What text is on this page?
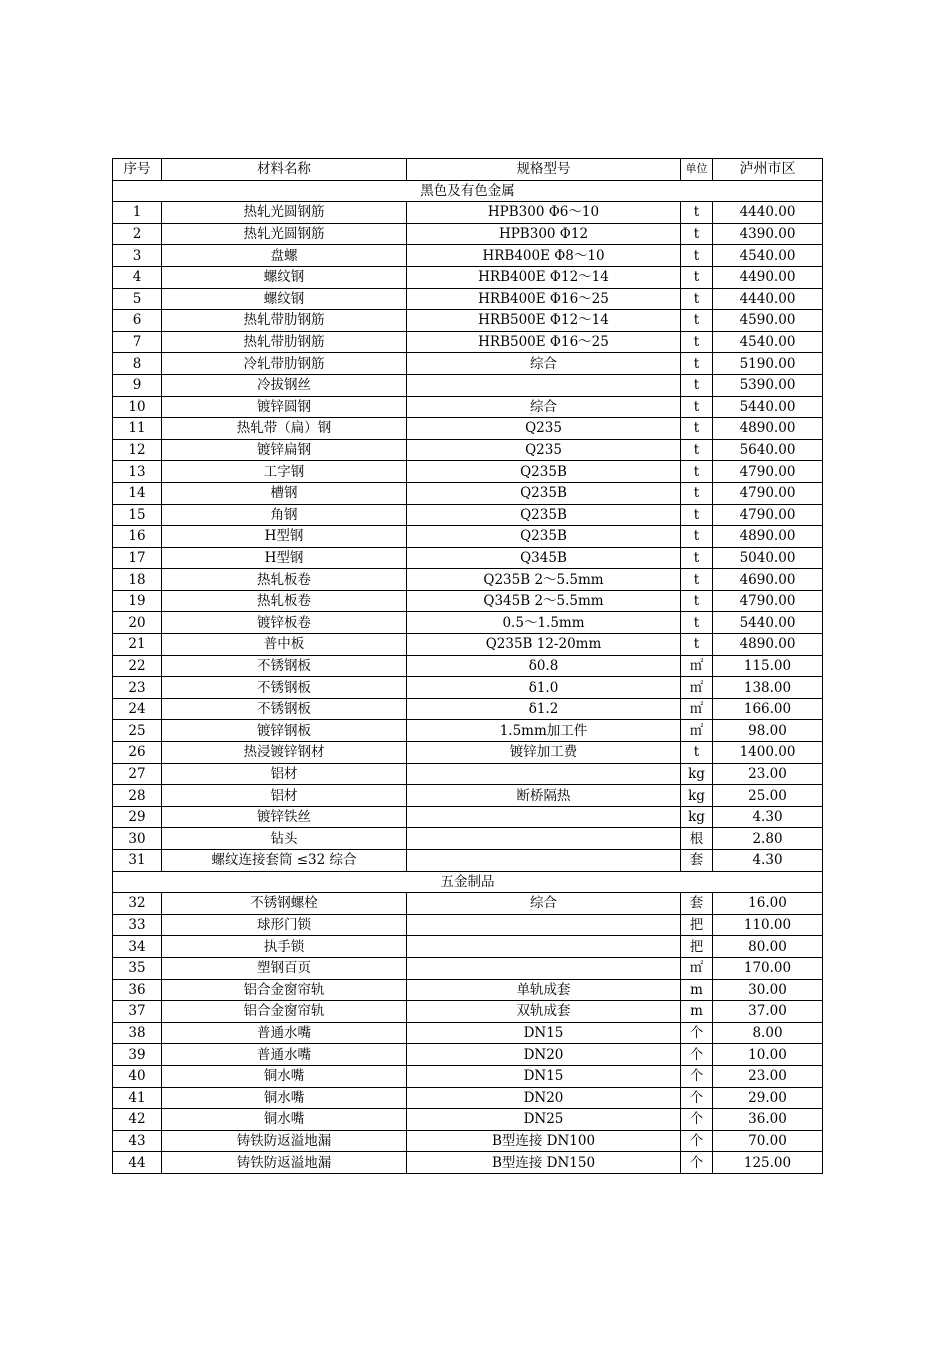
序号	材料名称	规格型号	单位	泸州市区
黑色及有色金属				
1	热轧光圆钢筋	HPB300 Φ6～10	t	4440.00
2	热轧光圆钢筋	HPB300 Φ12	t	4390.00
3	盘螺	HRB400E Φ8～10	t	4540.00
4	螺纹钢	HRB400E Φ12～14	t	4490.00
5	螺纹钢	HRB400E Φ16～25	t	4440.00
6	热轧带肋钢筋	HRB500E Φ12～14	t	4590.00
7	热轧带肋钢筋	HRB500E Φ16～25	t	4540.00
8	冷轧带肋钢筋	综合	t	5190.00
9	冷拔钢丝		t	5390.00
10	镀锌圆钢	综合	t	5440.00
11	热轧带（扁）钢	Q235	t	4890.00
12	镀锌扁钢	Q235	t	5640.00
13	工字钢	Q235B	t	4790.00
14	槽钢	Q235B	t	4790.00
15	角钢	Q235B	t	4790.00
16	H型钢	Q235B	t	4890.00
17	H型钢	Q345B	t	5040.00
18	热轧板卷	Q235B 2～5.5mm	t	4690.00
19	热轧板卷	Q345B 2～5.5mm	t	4790.00
20	镀锌板卷	0.5～1.5mm	t	5440.00
21	普中板	Q235B 12-20mm	t	4890.00
22	不锈钢板	δ0.8	㎡	115.00
23	不锈钢板	δ1.0	㎡	138.00
24	不锈钢板	δ1.2	㎡	166.00
25	镀锌钢板	1.5mm加工件	㎡	98.00
26	热浸镀锌钢材	镀锌加工费	t	1400.00
27	铝材		kg	23.00
28	铝材	断桥隔热	kg	25.00
29	镀锌铁丝		kg	4.30
30	钻头		根	2.80
31	螺纹连接套筒 ≤32 综合		套	4.30
五金制品				
32	不锈钢螺栓	综合	套	16.00
33	球形门锁		把	110.00
34	执手锁		把	80.00
35	塑钢百页		㎡	170.00
36	铝合金窗帘轨	单轨成套	m	30.00
37	铝合金窗帘轨	双轨成套	m	37.00
38	普通水嘴	DN15	个	8.00
39	普通水嘴	DN20	个	10.00
40	铜水嘴	DN15	个	23.00
41	铜水嘴	DN20	个	29.00
42	铜水嘴	DN25	个	36.00
43	铸铁防返溢地漏	B型连接 DN100	个	70.00
44	铸铁防返溢地漏	B型连接 DN150	个	125.00
